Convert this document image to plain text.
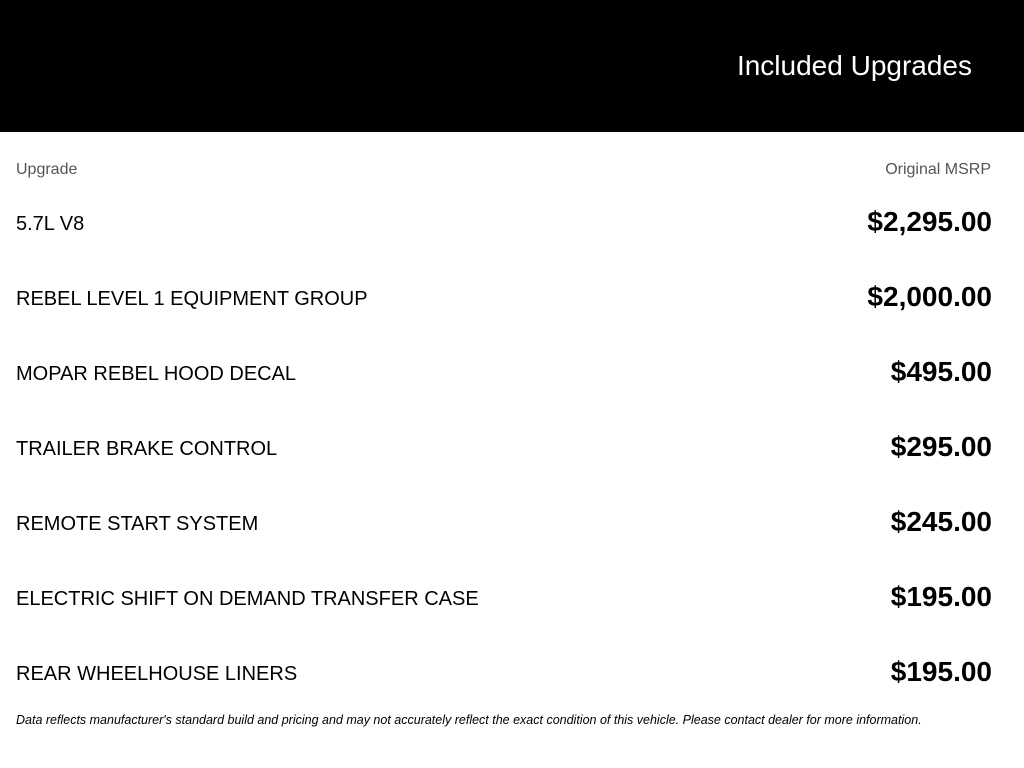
Included Upgrades
Upgrade	Original MSRP
5.7L V8	$2,295.00
REBEL LEVEL 1 EQUIPMENT GROUP	$2,000.00
MOPAR REBEL HOOD DECAL	$495.00
TRAILER BRAKE CONTROL	$295.00
REMOTE START SYSTEM	$245.00
ELECTRIC SHIFT ON DEMAND TRANSFER CASE	$195.00
REAR WHEELHOUSE LINERS	$195.00
Data reflects manufacturer's standard build and pricing and may not accurately reflect the exact condition of this vehicle. Please contact dealer for more information.
